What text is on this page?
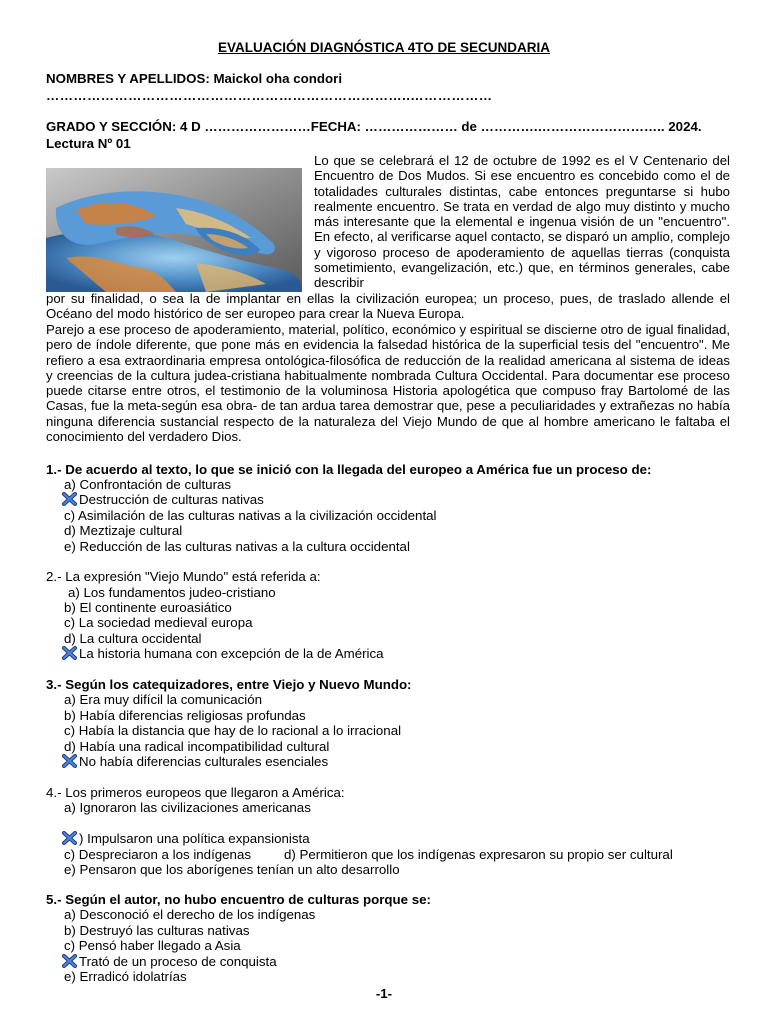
EVALUACIÓN DIAGNÓSTICA 4TO DE SECUNDARIA
NOMBRES Y APELLIDOS: Maickol oha condori
……………………………………………………………………..………………
GRADO Y SECCIÓN: 4 D ……………………FECHA: ………………… de ………….……………………….. 2024.
Lectura Nº 01
Lo que se celebrará el 12 de octubre de 1992 es el V Centenario del Encuentro de Dos Mudos. Si ese encuentro es concebido como el de totalidades culturales distintas, cabe entonces preguntarse si hubo realmente encuentro. Se trata en verdad de algo muy distinto y mucho más interesante que la elemental e ingenua visión de un "encuentro". En efecto, al verificarse aquel contacto, se disparó un amplio, complejo y vigoroso proceso de apoderamiento de aquellas tierras (conquista sometimiento, evangelización, etc.) que, en términos generales, cabe describir
por su finalidad, o sea la de implantar en ellas la civilización europea; un proceso, pues, de traslado allende el Océano del modo histórico de ser europeo para crear la Nueva Europa.
Parejo a ese proceso de apoderamiento, material, político, económico y espiritual se discierne otro de igual finalidad, pero de índole diferente, que pone más en evidencia la falsedad histórica de la superficial tesis del "encuentro". Me refiero a esa extraordinaria empresa ontológica-filosófica de reducción de la realidad americana al sistema de ideas y creencias de la cultura judea-cristiana habitualmente nombrada Cultura Occidental. Para documentar ese proceso puede citarse entre otros, el testimonio de la voluminosa Historia apologética que compuso fray Bartolomé de las Casas, fue la meta-según esa obra- de tan ardua tarea demostrar que, pese a peculiaridades y extrañezas no había ninguna diferencia sustancial respecto de la naturaleza del Viejo Mundo de que al hombre americano le faltaba el conocimiento del verdadero Dios.
1.- De acuerdo al texto, lo que se inició con la llegada del europeo a América fue un proceso de:
a) Confrontación de culturas
Destrucción de culturas nativas
c) Asimilación de las culturas nativas a la civilización occidental
d) Meztizaje cultural
e) Reducción de las culturas nativas a la cultura occidental
2.- La expresión "Viejo Mundo" está referida a:
a) Los fundamentos judeo-cristiano
b) El continente euroasiático
c) La sociedad medieval europa
d) La cultura occidental
La historia humana con excepción de la de América
3.- Según los catequizadores, entre Viejo y Nuevo Mundo:
a) Era muy difícil la comunicación
b) Había diferencias religiosas profundas
c) Había la distancia que hay de lo racional a lo irracional
d) Había una radical incompatibilidad cultural
No había diferencias culturales esenciales
4.- Los primeros europeos que llegaron a América:
a) Ignoraron las civilizaciones americanas
) Impulsaron una política expansionista
c) Despreciaron a los indígenas d) Permitieron que los indígenas expresaron su propio ser cultural
e) Pensaron que los aborígenes tenían un alto desarrollo
5.- Según el autor, no hubo encuentro de culturas porque se:
a) Desconoció el derecho de los indígenas
b) Destruyó las culturas nativas
c) Pensó haber llegado a Asia
Trató de un proceso de conquista
e) Erradicó idolatrías
-1-
